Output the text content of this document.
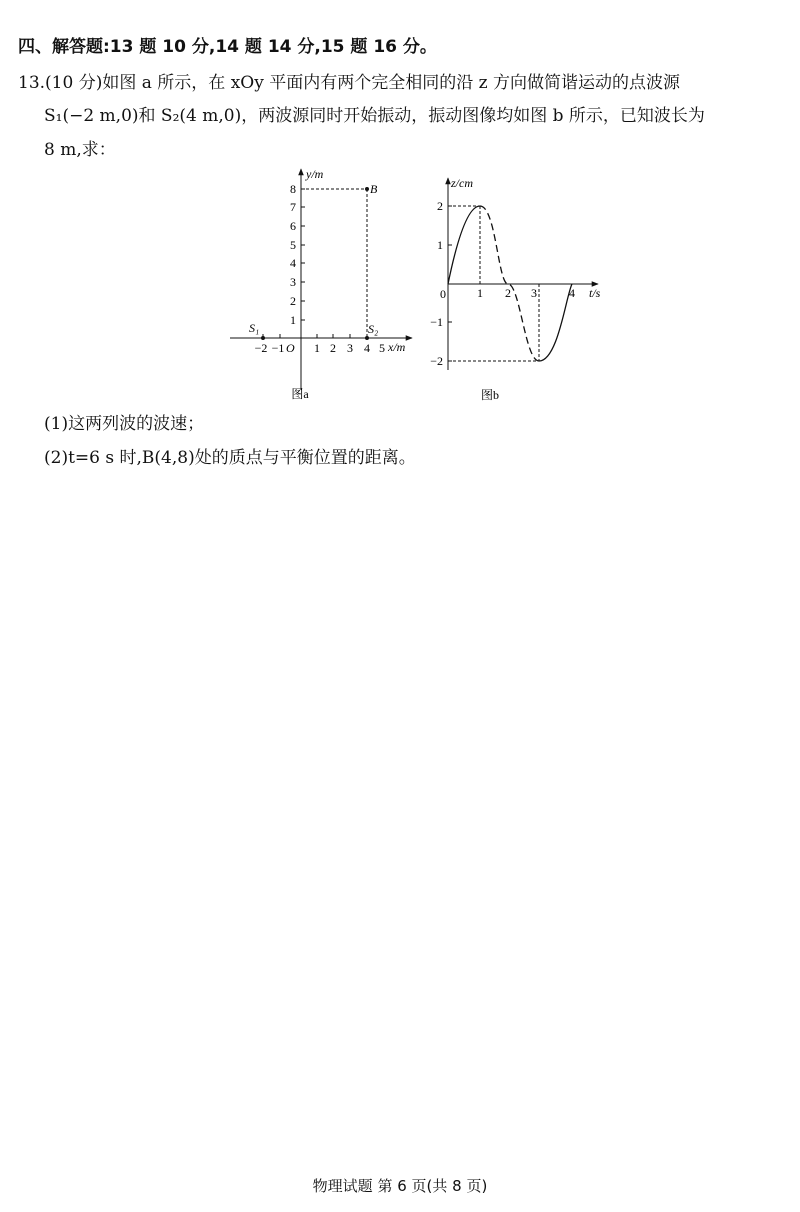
四、解答题:13 题 10 分,14 题 14 分,15 题 16 分。
13.(10 分)如图 a 所示，在 xOy 平面内有两个完全相同的沿 z 方向做简谐运动的点波源
S₁(−2 m,0)和 S₂(4 m,0)，两波源同时开始振动，振动图像均如图 b 所示，已知波长为
8 m,求：
y/m
x/m
O
1
2
3
4
5
6
7
8
−2 −1 1 2 3 4 5
B
S₁	S₂
图a
z/cm
t/s
2
1
0
−1
−2
1 2 3	4
图b
(1)这两列波的波速；
(2)t=6 s 时,B(4,8)处的质点与平衡位置的距离。
物理试题 第 6 页(共 8 页)
